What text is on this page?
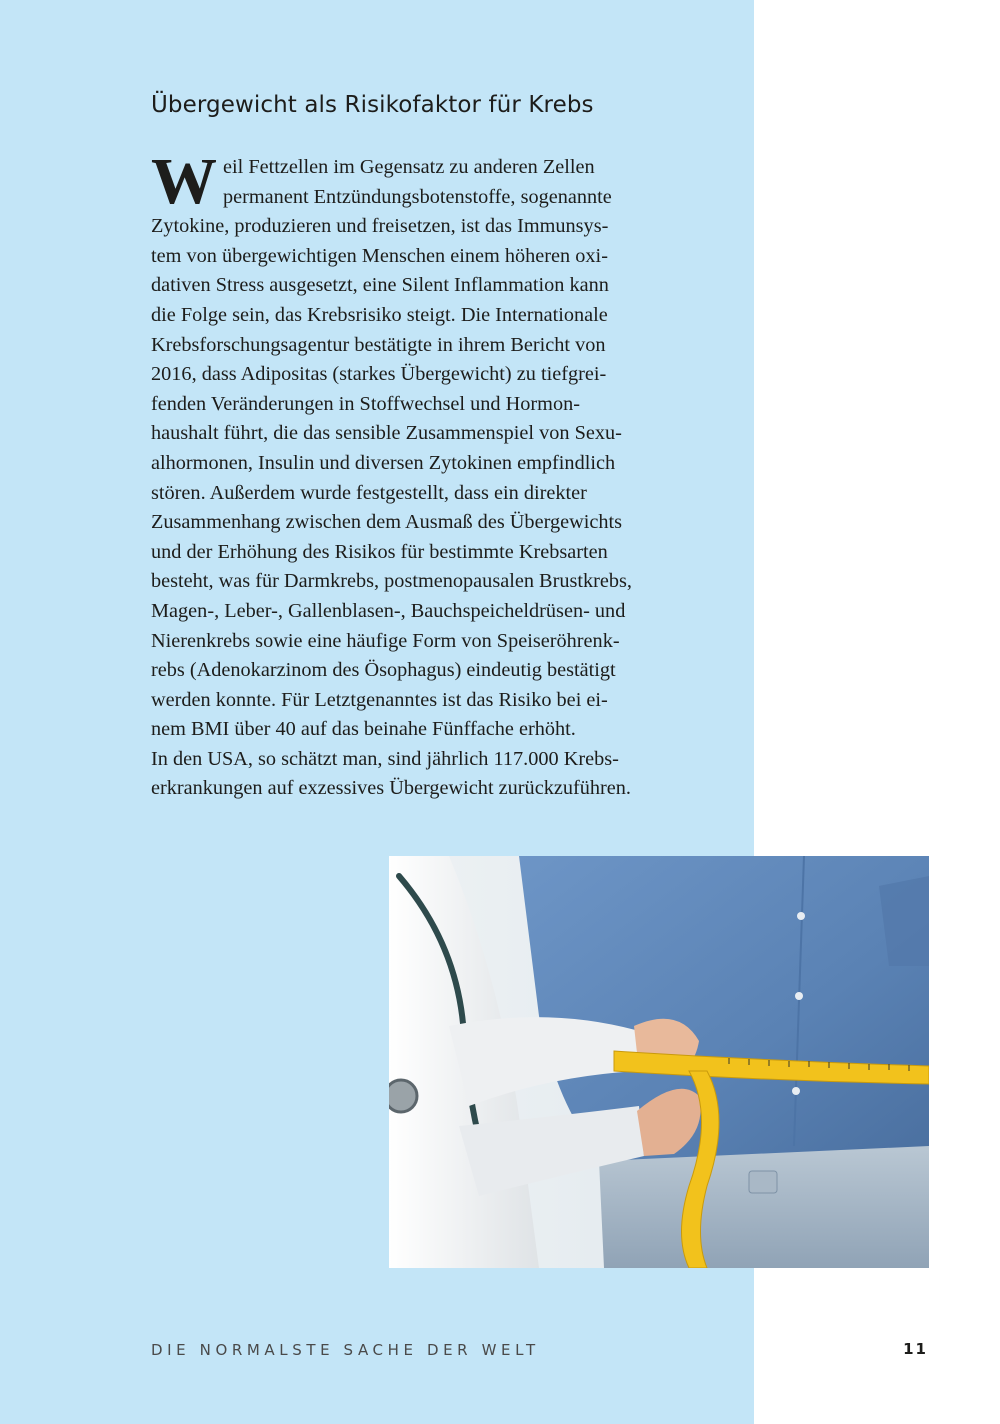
Übergewicht als Risikofaktor für Krebs
W eil Fettzellen im Gegensatz zu anderen Zellen
permanent Entzündungsbotenstoffe, sogenannte
Zytokine, produzieren und freisetzen, ist das Immunsys-
tem von übergewichtigen Menschen einem höheren oxi-
dativen Stress ausgesetzt, eine Silent Inflammation kann
die Folge sein, das Krebsrisiko steigt. Die Internationale
Krebsforschungsagentur bestätigte in ihrem Bericht von
2016, dass Adipositas (starkes Übergewicht) zu tiefgrei-
fenden Veränderungen in Stoffwechsel und Hormon-
haushalt führt, die das sensible Zusammenspiel von Sexu-
alhormonen, Insulin und diversen Zytokinen empfindlich
stören. Außerdem wurde festgestellt, dass ein direkter
Zusammenhang zwischen dem Ausmaß des Übergewichts
und der Erhöhung des Risikos für bestimmte Krebsarten
besteht, was für Darmkrebs, postmenopausalen Brustkrebs,
Magen-, Leber-, Gallenblasen-, Bauchspeicheldrüsen- und
Nierenkrebs sowie eine häufige Form von Speiseröhrenk-
rebs (Adenokarzinom des Ösophagus) eindeutig bestätigt
werden konnte. Für Letztgenanntes ist das Risiko bei ei-
nem BMI über 40 auf das beinahe Fünffache erhöht.
In den USA, so schätzt man, sind jährlich 117.000 Krebs-
erkrankungen auf exzessives Übergewicht zurückzuführen.
DIE NORMALSTE SACHE DER WELT	11
